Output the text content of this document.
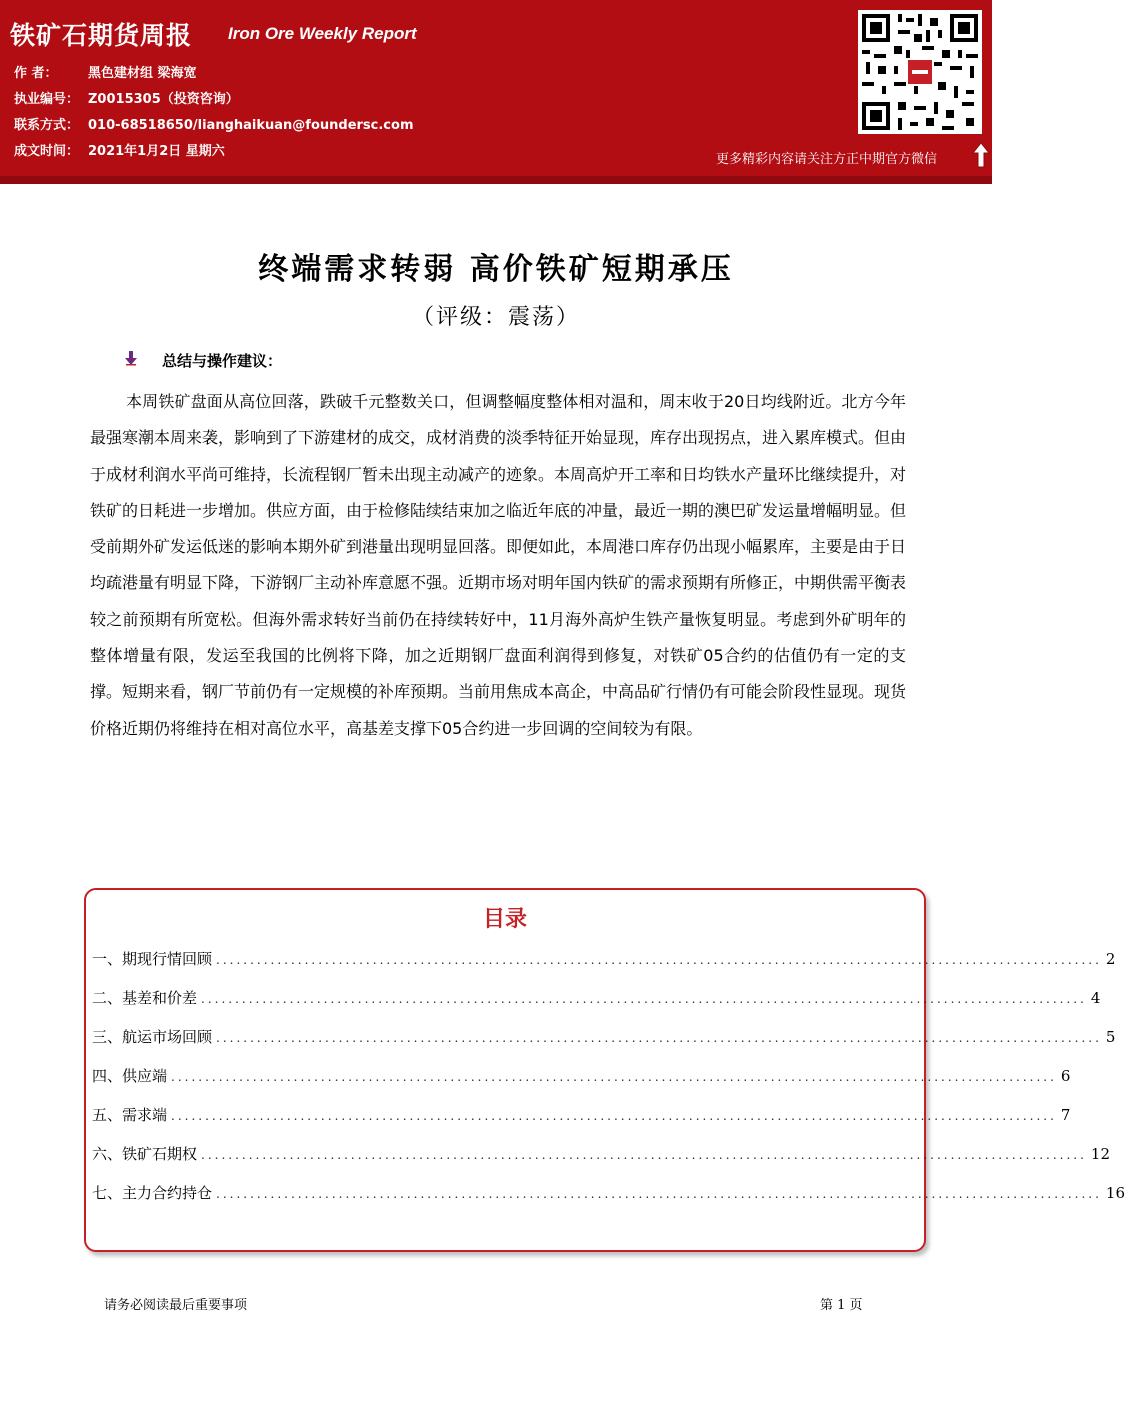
铁矿石期货周报 Iron Ore Weekly Report
作 者： 黑色建材组 梁海宽
执业编号： Z0015305（投资咨询）
联系方式： 010-68518650/lianghaikuan@foundersc.com
成文时间： 2021年1月2日 星期六
更多精彩内容请关注方正中期官方微信
终端需求转弱 高价铁矿短期承压
（评级：震荡）
总结与操作建议：
本周铁矿盘面从高位回落，跌破千元整数关口，但调整幅度整体相对温和，周末收于20日均线附近。北方今年最强寒潮本周来袭，影响到了下游建材的成交，成材消费的淡季特征开始显现，库存出现拐点，进入累库模式。但由于成材利润水平尚可维持，长流程钢厂暂未出现主动减产的迹象。本周高炉开工率和日均铁水产量环比继续提升，对铁矿的日耗进一步增加。供应方面，由于检修陆续结束加之临近年底的冲量，最近一期的澳巴矿发运量增幅明显。但受前期外矿发运低迷的影响本期外矿到港量出现明显回落。即便如此，本周港口库存仍出现小幅累库，主要是由于日均疏港量有明显下降，下游钢厂主动补库意愿不强。近期市场对明年国内铁矿的需求预期有所修正，中期供需平衡表较之前预期有所宽松。但海外需求转好当前仍在持续转好中，11月海外高炉生铁产量恢复明显。考虑到外矿明年的整体增量有限，发运至我国的比例将下降，加之近期钢厂盘面利润得到修复，对铁矿05合约的估值仍有一定的支撑。短期来看，钢厂节前仍有一定规模的补库预期。当前用焦成本高企，中高品矿行情仍有可能会阶段性显现。现货价格近期仍将维持在相对高位水平，高基差支撑下05合约进一步回调的空间较为有限。
目录
一、期现行情回顾 .................................................................................................................................. 2
二、基差和价差 .................................................................................................................................. 4
三、航运市场回顾 .................................................................................................................................. 5
四、供应端 .................................................................................................................................. 6
五、需求端 .................................................................................................................................. 7
六、铁矿石期权 .................................................................................................................................. 12
七、主力合约持仓 .................................................................................................................................. 16
请务必阅读最后重要事项	第 1 页
